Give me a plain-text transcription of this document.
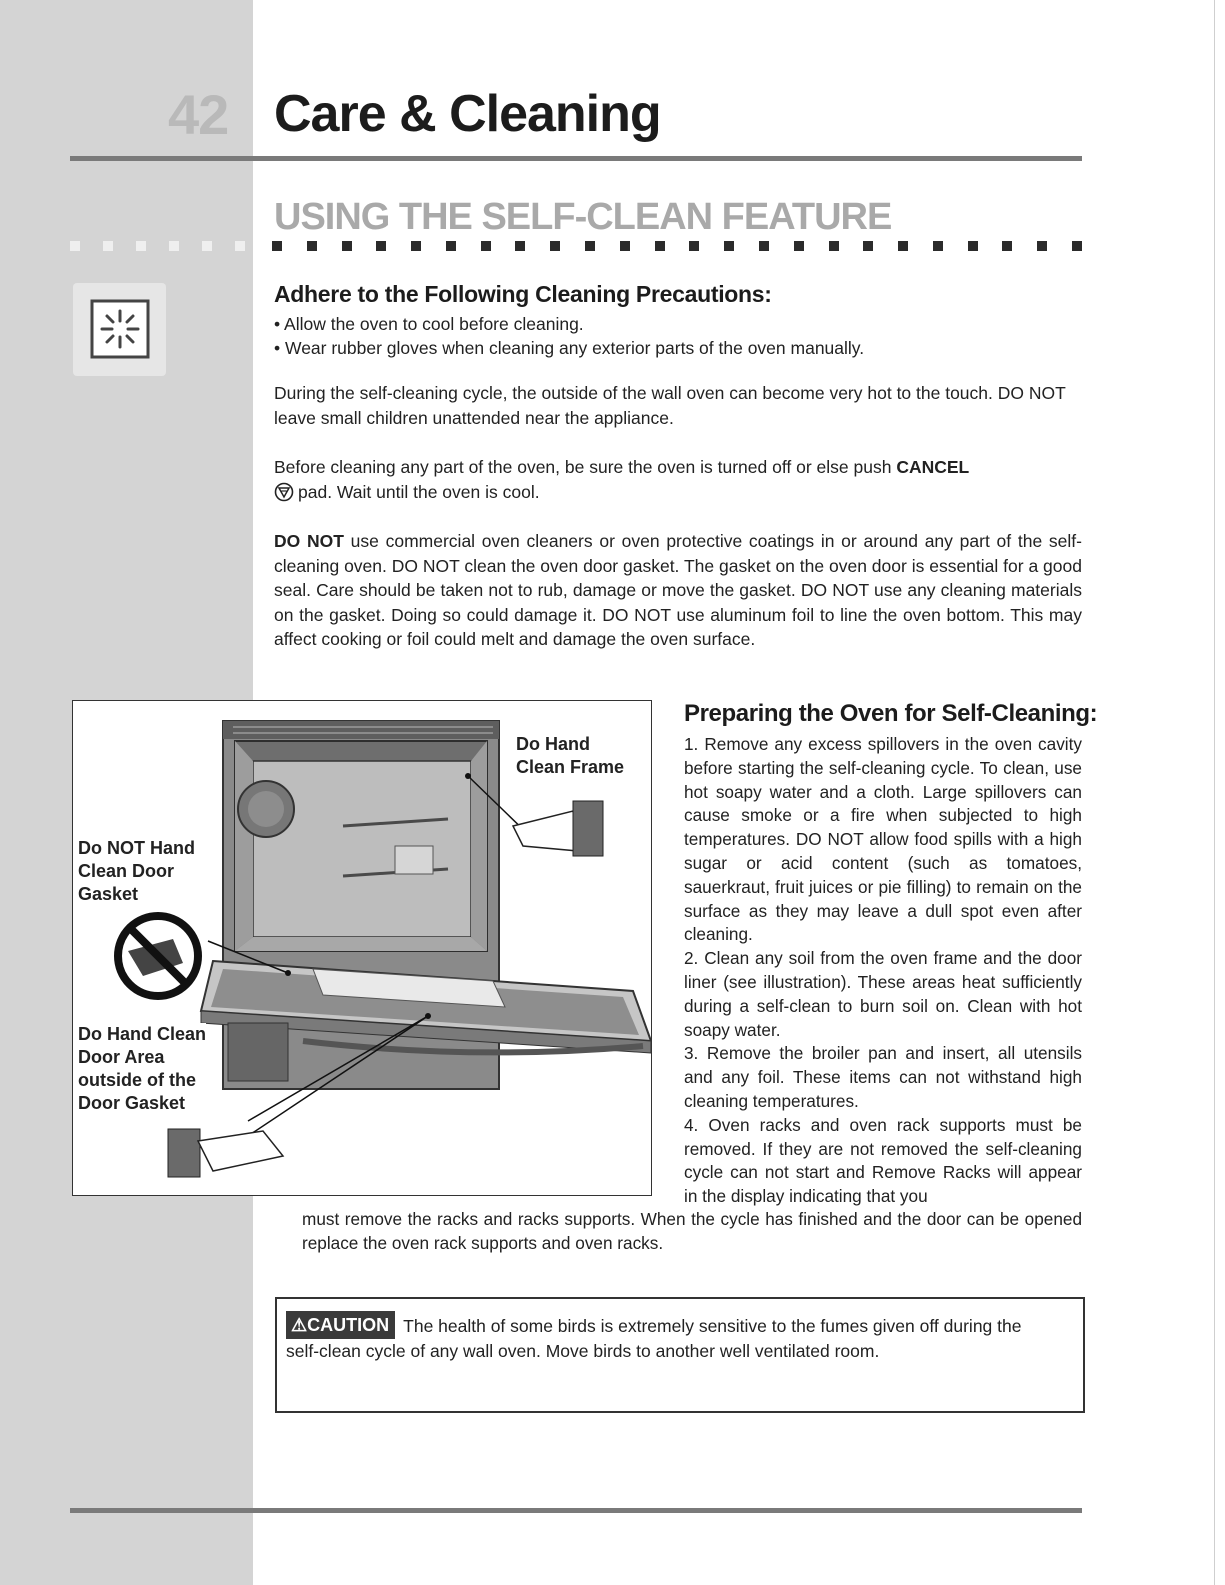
42 Care & Cleaning
USING THE SELF-CLEAN FEATURE
Adhere to the Following Cleaning Precautions:
• Allow the oven to cool before cleaning.
• Wear rubber gloves when cleaning any exterior parts of the oven manually.

During the self-cleaning cycle, the outside of the wall oven can become very hot to the touch. DO NOT leave small children unattended near the appliance.

Before cleaning any part of the oven, be sure the oven is turned off or else push CANCEL
pad. Wait until the oven is cool.

DO NOT use commercial oven cleaners or oven protective coatings in or around any part of the self-cleaning oven. DO NOT clean the oven door gasket. The gasket on the oven door is essential for a good seal. Care should be taken not to rub, damage or move the gasket. DO NOT use any cleaning materials on the gasket. Doing so could damage it. DO NOT use aluminum foil to line the oven bottom. This may affect cooking or foil could melt and damage the oven surface.

Do Hand
Clean Frame
Do NOT Hand
Clean Door
Gasket
Do Hand Clean
Door Area
outside of the
Door Gasket
Preparing the Oven for Self-Cleaning:

1. Remove any excess spillovers in the oven cavity before starting the self-cleaning cycle. To clean, use hot soapy water and a cloth. Large spillovers can cause smoke or a fire when subjected to high temperatures. DO NOT allow food spills with a high sugar or acid content (such as tomatoes, sauerkraut, fruit juices or pie filling) to remain on the surface as they may leave a dull spot even after cleaning.

2. Clean any soil from the oven frame and the door liner (see illustration). These areas heat sufficiently during a self-clean to burn soil on. Clean with hot soapy water.

3. Remove the broiler pan and insert, all utensils and any foil. These items can not withstand high cleaning temperatures.

4. Oven racks and oven rack supports must be removed. If they are not removed the self-cleaning cycle can not start and Remove Racks will appear in the display indicating that you

must remove the racks and racks supports. When the cycle has finished and the door can be opened replace the oven rack supports and oven racks.

⚠CAUTION The health of some birds is extremely sensitive to the fumes given off during the self-clean cycle of any wall oven. Move birds to another well ventilated room.
